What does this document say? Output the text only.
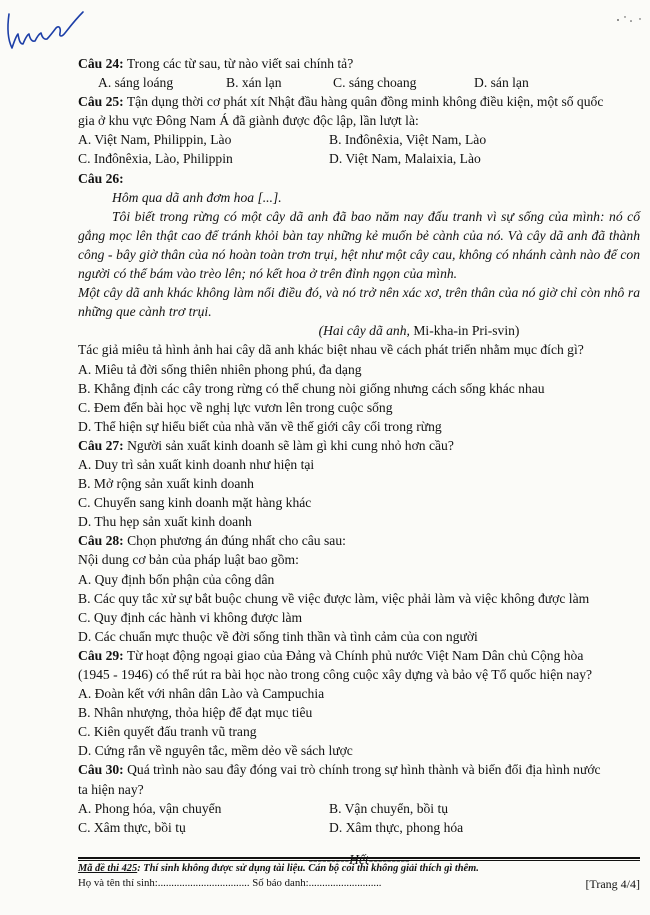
Câu 24: Trong các từ sau, từ nào viết sai chính tả?
A. sáng loáng	B. xán lạn	C. sáng choang	D. sán lạn
Câu 25: Tận dụng thời cơ phát xít Nhật đầu hàng quân đồng minh không điều kiện, một số quốc
gia ở khu vực Đông Nam Á đã giành được độc lập, lần lượt là:
A. Việt Nam, Philippin, Lào	B. Inđônêxia, Việt Nam, Lào
C. Inđônêxia, Lào, Philippin	D. Việt Nam, Malaixia, Lào
Câu 26:
Hôm qua dã anh đơm hoa [...].
Tôi biết trong rừng có một cây dã anh đã bao năm nay đấu tranh vì sự sống của mình: nó cố gắng mọc lên thật cao để tránh khỏi bàn tay những kẻ muốn bẻ cành của nó. Và cây dã anh đã thành công - bây giờ thân của nó hoàn toàn trơn trụi, hệt như một cây cau, không có nhánh cành nào để con người có thể bám vào trèo lên; nó kết hoa ở trên đỉnh ngọn của mình.
Một cây dã anh khác không làm nổi điều đó, và nó trở nên xác xơ, trên thân của nó giờ chỉ còn nhô ra những que cành trơ trụi.
(Hai cây dã anh, Mi-kha-in Pri-svin)
Tác giả miêu tả hình ảnh hai cây dã anh khác biệt nhau về cách phát triển nhằm mục đích gì?
A. Miêu tả đời sống thiên nhiên phong phú, đa dạng
B. Khẳng định các cây trong rừng có thể chung nòi giống nhưng cách sống khác nhau
C. Đem đến bài học về nghị lực vươn lên trong cuộc sống
D. Thể hiện sự hiểu biết của nhà văn về thế giới cây cối trong rừng
Câu 27: Người sản xuất kinh doanh sẽ làm gì khi cung nhỏ hơn cầu?
A. Duy trì sản xuất kinh doanh như hiện tại
B. Mở rộng sản xuất kinh doanh
C. Chuyển sang kinh doanh mặt hàng khác
D. Thu hẹp sản xuất kinh doanh
Câu 28: Chọn phương án đúng nhất cho câu sau:
Nội dung cơ bản của pháp luật bao gồm:
A. Quy định bổn phận của công dân
B. Các quy tắc xử sự bắt buộc chung về việc được làm, việc phải làm và việc không được làm
C. Quy định các hành vi không được làm
D. Các chuẩn mực thuộc về đời sống tinh thần và tình cảm của con người
Câu 29: Từ hoạt động ngoại giao của Đảng và Chính phủ nước Việt Nam Dân chủ Cộng hòa
(1945 - 1946) có thể rút ra bài học nào trong công cuộc xây dựng và bảo vệ Tổ quốc hiện nay?
A. Đoàn kết với nhân dân Lào và Campuchia
B. Nhân nhượng, thỏa hiệp để đạt mục tiêu
C. Kiên quyết đấu tranh vũ trang
D. Cứng rắn về nguyên tắc, mềm dẻo về sách lược
Câu 30: Quá trình nào sau đây đóng vai trò chính trong sự hình thành và biến đổi địa hình nước
ta hiện nay?
A. Phong hóa, vận chuyển	B. Vận chuyển, bồi tụ
C. Xâm thực, bồi tụ	D. Xâm thực, phong hóa
---------Hết---------
Mã đề thi 425: Thí sinh không được sử dụng tài liệu. Cán bộ coi thi không giải thích gì thêm.
Họ và tên thí sinh:.................................. Số báo danh:...........................	[Trang 4/4]
